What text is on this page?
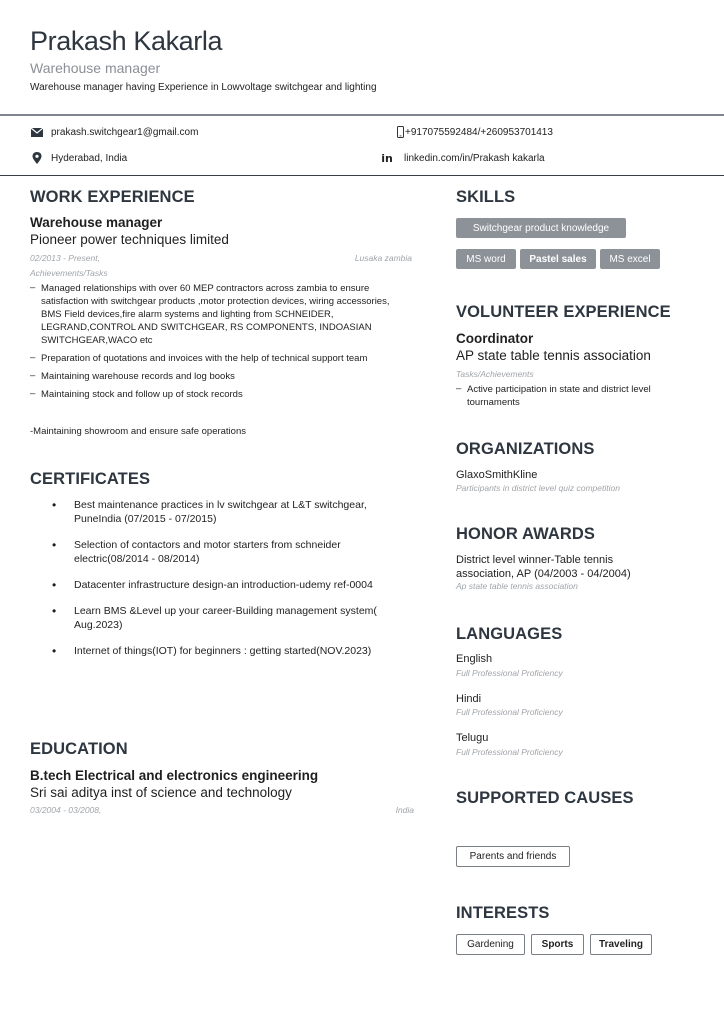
Prakash Kakarla
Warehouse manager
Warehouse manager having Experience in Lowvoltage switchgear and lighting
prakash.switchgear1@gmail.com	+917075592484/+260953701413
Hyderabad, India	in linkedin.com/in/Prakash kakarla
WORK EXPERIENCE
Warehouse manager
Pioneer power techniques limited
02/2013 - Present,	Lusaka zambia
Achievements/Tasks
– Managed relationships with over 60 MEP contractors across zambia to ensure satisfaction with switchgear products ,motor protection devices, wiring accessories, BMS Field devices,fire alarm systems and lighting from SCHNEIDER, LEGRAND,CONTROL AND SWITCHGEAR, RS COMPONENTS, INDOASIAN SWITCHGEAR,WACO etc
– Preparation of quotations and invoices with the help of technical support team
– Maintaining warehouse records and log books
– Maintaining stock and follow up of stock records
-Maintaining showroom and ensure safe operations
CERTIFICATES
• Best maintenance practices in lv switchgear at L&T switchgear, PuneIndia (07/2015 - 07/2015)
• Selection of contactors and motor starters from schneider electric(08/2014 - 08/2014)
• Datacenter infrastructure design-an introduction-udemy ref-0004
• Learn BMS &Level up your career-Building management system( Aug.2023)
• Internet of things(IOT) for beginners : getting started(NOV.2023)
EDUCATION
B.tech Electrical and electronics engineering
Sri sai aditya inst of science and technology
03/2004 - 03/2008,	India
SKILLS
Switchgear product knowledge
MS word	Pastel sales	MS excel
VOLUNTEER EXPERIENCE
Coordinator
AP state table tennis association
Tasks/Achievements
– Active participation in state and district level tournaments
ORGANIZATIONS
GlaxoSmithKline
Participants in district level quiz competition
HONOR AWARDS
District level winner-Table tennis association, AP (04/2003 - 04/2004)
Ap state table tennis association
LANGUAGES
English
Full Professional Proficiency
Hindi
Full Professional Proficiency
Telugu
Full Professional Proficiency
SUPPORTED CAUSES
Parents and friends
INTERESTS
Gardening	Sports	Traveling
